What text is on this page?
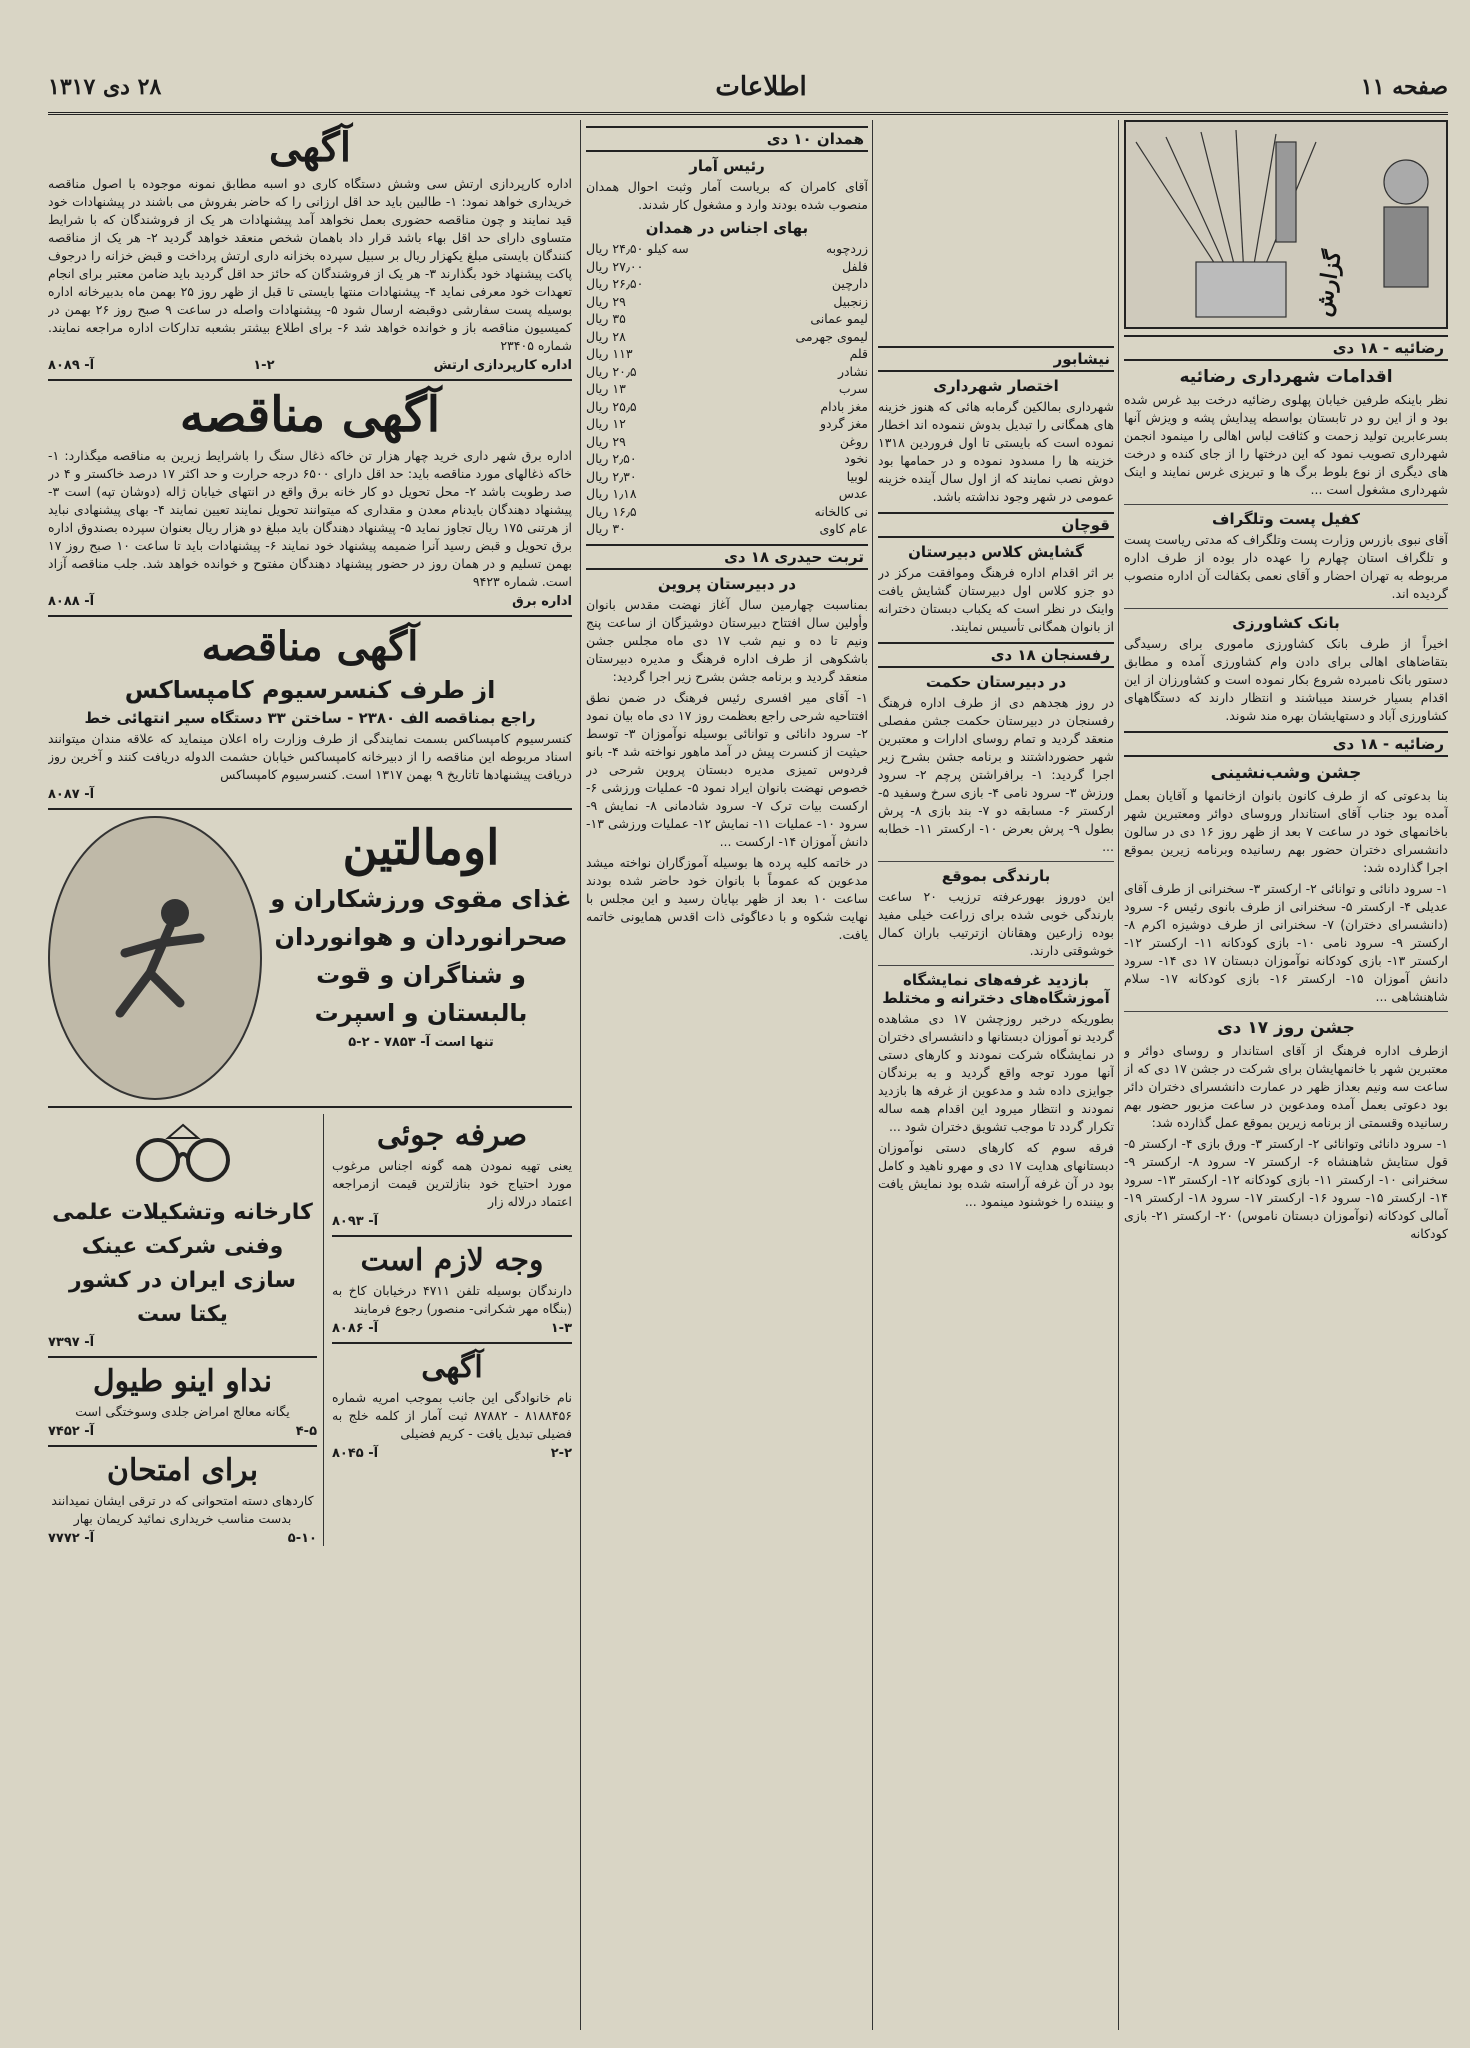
صفحه ۱۱
اطلاعات
۲۸ دی ۱۳۱۷
رضائیه - ۱۸ دی
اقدامات شهرداری رضائیه

نظر باینکه طرفین خیابان پهلوی رضائیه درخت بید غرس شده بود و از این رو در تابستان بواسطه پیدایش پشه و ویزش آنها بسرعابرین تولید زحمت و کثافت لباس اهالی را مینمود انجمن شهرداری تصویب نمود که این درختها را از جای کنده و درخت های دیگری از نوع بلوط برگ ها و تبریزی غرس نمایند و اینک شهرداری مشغول است ...

کفیل پست وتلگراف

آقای نبوی بازرس وزارت پست وتلگراف که مدتی ریاست پست و تلگراف استان چهارم را عهده دار بوده از طرف اداره مربوطه به تهران احضار و آقای نعمی بکفالت آن اداره منصوب گردیده اند.

بانک کشاورزی

اخیراً از طرف بانک کشاورزی ماموری برای رسیدگی بتقاضاهای اهالی برای دادن وام کشاورزی آمده و مطابق دستور بانک نامبرده شروع بکار نموده است و کشاورزان از این اقدام بسیار خرسند میباشند و انتظار دارند که دستگاههای کشاورزی آباد و دستهایشان بهره مند شوند.

رضائیه - ۱۸ دی
جشن وشب‌نشینی

بنا بدعوتی که از طرف کانون بانوان ازخانمها و آقایان بعمل آمده بود جناب آقای استاندار وروسای دوائر ومعتبرین شهر باخانمهای خود در ساعت ۷ بعد از ظهر روز ۱۶ دی در سالون دانشسرای دختران حضور بهم رسانیده وبرنامه زیرین بموقع اجرا گذارده شد:

۱- سرود دانائی و توانائی ۲- ارکستر ۳- سخنرانی از طرف آقای عدیلی ۴- ارکستر ۵- سخنرانی از طرف بانوی رئیس ۶- سرود (دانشسرای دختران) ۷- سخنرانی از طرف دوشیزه اکرم ۸- ارکستر ۹- سرود نامی ۱۰- بازی کودکانه ۱۱- ارکستر ۱۲- ارکستر ۱۳- بازی کودکانه نوآموزان دبستان ۱۷ دی ۱۴- سرود دانش آموزان ۱۵- ارکستر ۱۶- بازی کودکانه ۱۷- سلام شاهنشاهی ...

جشن روز ۱۷ دی

ازطرف اداره فرهنگ از آقای استاندار و روسای دوائر و معتبرین شهر با خانمهایشان برای شرکت در جشن ۱۷ دی که از ساعت سه ونیم بعداز ظهر در عمارت دانشسرای دختران دائر بود دعوتی بعمل آمده ومدعوین در ساعت مزبور حضور بهم رسانیده وقسمتی از برنامه زیرین بموقع عمل گذارده شد:

۱- سرود دانائی وتوانائی ۲- ارکستر ۳- ورق بازی ۴- ارکستر ۵- قول ستایش شاهنشاه ۶- ارکستر ۷- سرود ۸- ارکستر ۹- سخنرانی ۱۰- ارکستر ۱۱- بازی کودکانه ۱۲- ارکستر ۱۳- سرود ۱۴- ارکستر ۱۵- سرود ۱۶- ارکستر ۱۷- سرود ۱۸- ارکستر ۱۹- آمالی کودکانه (نوآموزان دبستان ناموس) ۲۰- ارکستر ۲۱- بازی کودکانه

نیشابور
اختصار شهرداری

شهرداری بمالکین گرمابه هائی که هنوز خزینه های همگانی را تبدیل بدوش ننموده اند اخطار نموده است که بایستی تا اول فروردین ۱۳۱۸ خزینه ها را مسدود نموده و در حمامها بود دوش نصب نمایند که از اول سال آینده خزینه عمومی در شهر وجود نداشته باشد.

قوچان
گشایش کلاس دبیرستان

بر اثر اقدام اداره فرهنگ وموافقت مرکز در دو جزو کلاس اول دبیرستان گشایش یافت واینک در نظر است که یکباب دبستان دخترانه از بانوان همگانی تأسیس نمایند.

رفسنجان ۱۸ دی
در دبیرستان حکمت

در روز هجدهم دی از طرف اداره فرهنگ رفسنجان در دبیرستان حکمت جشن مفصلی منعقد گردید و تمام روسای ادارات و معتبرین شهر حضورداشتند و برنامه جشن بشرح زیر اجرا گردید: ۱- برافراشتن پرچم ۲- سرود ورزش ۳- سرود نامی ۴- بازی سرخ وسفید ۵- ارکستر ۶- مسابقه دو ۷- بند بازی ۸- پرش بطول ۹- پرش بعرض ۱۰- ارکستر ۱۱- خطابه ...

بارندگی بموقع

این دوروز بهورعرفته ترزیب ۲۰ ساعت بارندگی خوبی شده برای زراعت خیلی مفید بوده زارعین وهقانان ازترتیب باران کمال خوشوقتی دارند.

بازدید غرفه‌های نمایشگاه آموزشگاه‌های دخترانه و مختلط

بطوریکه درخبر روزچشن ۱۷ دی مشاهده گردید نو آموزان دبستانها و دانشسرای دختران در نمایشگاه شرکت نمودند و کارهای دستی آنها مورد توجه واقع گردید و به برندگان جوایزی داده شد و مدعوین از غرفه ها بازدید نمودند و انتظار میرود این اقدام همه ساله تکرار گردد تا موجب تشویق دختران شود ...

فرقه سوم که کارهای دستی نوآموزان دبستانهای هدایت ۱۷ دی و مهرو ناهید و کامل بود در آن غرفه آراسته شده بود نمایش یافت و بیننده را خوشنود مینمود ...

همدان ۱۰ دی
رئیس آمار

آقای کامران که بریاست آمار وثبت احوال همدان منصوب شده بودند وارد و مشغول کار شدند.

بهای اجناس در همدان
زردچوبه
سه کیلو ۲۴٫۵۰ ریال
فلفل
۲۷٫۰۰ ریال
دارچین
۲۶٫۵۰ ریال
زنجبیل
۲۹ ریال
لیمو عمانی
۳۵ ریال
لیموی جهرمی
۲۸ ریال
قلم
۱۱۳ ریال
نشادر
۲۰٫۵ ریال
سرب
۱۳ ریال
مغز بادام
۲۵٫۵ ریال
مغز گردو
۱۲ ریال
روغن
۲۹ ریال
نخود
۲٫۵۰ ریال
لوبیا
۲٫۳۰ ریال
عدس
۱٫۱۸ ریال
نی کالخانه
۱۶٫۵ ریال
عام کاوی
۳۰ ریال
تربت حیدری ۱۸ دی
در دبیرستان پروین

بمناسبت چهارمین سال آغاز نهضت مقدس بانوان وأولین سال افتتاح دبیرستان دوشیزگان از ساعت پنج ونیم تا ده و نیم شب ۱۷ دی ماه مجلس جشن باشکوهی از طرف اداره فرهنگ و مدیره دبیرستان منعقد گردید و برنامه جشن بشرح زیر اجرا گردید:

۱- آقای میر افسری رئیس فرهنگ در ضمن نطق افتتاحیه شرحی راجع بعظمت روز ۱۷ دی ماه بیان نمود ۲- سرود دانائی و توانائی بوسیله نوآموزان ۳- توسط حیثیت از کنسرت پیش در آمد ماهور نواخته شد ۴- بانو فردوس تمیزی مدیره دبستان پروین شرحی در خصوص نهضت بانوان ایراد نمود ۵- عملیات ورزشی ۶- ارکست بیات ترک ۷- سرود شادمانی ۸- نمایش ۹- سرود ۱۰- عملیات ۱۱- نمایش ۱۲- عملیات ورزشی ۱۳- دانش آموزان ۱۴- ارکست ...

در خاتمه کلیه پرده ها بوسیله آموزگاران نواخته میشد مدعوین که عموماً با بانوان خود حاضر شده بودند ساعت ۱۰ بعد از ظهر بپایان رسید و این مجلس با نهایت شکوه و با دعاگوئی ذات اقدس همایونی خاتمه یافت.

آگهی

اداره کارپردازی ارتش سی وشش دستگاه کاری دو اسبه مطابق نمونه موجوده با اصول مناقصه خریداری خواهد نمود: ۱- طالبین باید حد اقل ارزانی را که حاضر بفروش می باشند در پیشنهادات خود قید نمایند و چون مناقصه حضوری بعمل نخواهد آمد پیشنهادات هر یک از فروشندگان که با شرایط متساوی دارای حد اقل بهاء باشد قرار داد باهمان شخص منعقد خواهد گردید ۲- هر یک از مناقصه کنندگان بایستی مبلغ یکهزار ریال بر سبیل سپرده بخزانه داری ارتش پرداخت و قبض خزانه را درجوف پاکت پیشنهاد خود بگذارند ۳- هر یک از فروشندگان که حائز حد اقل گردید باید ضامن معتبر برای انجام تعهدات خود معرفی نماید ۴- پیشنهادات منتها بایستی تا قبل از ظهر روز ۲۵ بهمن ماه بدبیرخانه اداره بوسیله پست سفارشی دوقبضه ارسال شود ۵- پیشنهادات واصله در ساعت ۹ صبح روز ۲۶ بهمن در کمیسیون مناقصه باز و خوانده خواهد شد ۶- برای اطلاع بیشتر بشعبه تدارکات اداره مراجعه نمایند. شماره ۲۳۴۰۵

اداره کارپردازی ارتش
۱-۲
آ- ۸۰۸۹
آگهی مناقصه

اداره برق شهر داری خرید چهار هزار تن خاکه ذغال سنگ را باشرایط زیرین به مناقصه میگذارد: ۱- خاکه ذغالهای مورد مناقصه باید: حد اقل دارای ۶۵۰۰ درجه حرارت و حد اکثر ۱۷ درصد خاکستر و ۴ در صد رطوبت باشد ۲- محل تحویل دو کار خانه برق واقع در انتهای خیابان ژاله (دوشان تپه) است ۳- پیشنهاد دهندگان بایدنام معدن و مقداری که میتوانند تحویل نمایند تعیین نمایند ۴- بهای پیشنهادی نباید از هرتنی ۱۷۵ ریال تجاوز نماید ۵- پیشنهاد دهندگان باید مبلغ دو هزار ریال بعنوان سپرده بصندوق اداره برق تحویل و قبض رسید آنرا ضمیمه پیشنهاد خود نمایند ۶- پیشنهادات باید تا ساعت ۱۰ صبح روز ۱۷ بهمن تسلیم و در همان روز در حضور پیشنهاد دهندگان مفتوح و خوانده خواهد شد. جلب مناقصه آزاد است. شماره ۹۴۲۳

اداره برق
آ- ۸۰۸۸
آگهی مناقصه
از طرف کنسرسیوم کامپساکس
راجع بمناقصه الف ۲۳۸۰ - ساختن ۳۳ دستگاه سیر انتهائی خط

کنسرسیوم کامپساکس بسمت نمایندگی از طرف وزارت راه اعلان مینماید که علاقه مندان میتوانند اسناد مربوطه این مناقصه را از دبیرخانه کامپساکس خیابان حشمت الدوله دریافت کنند و آخرین روز دریافت پیشنهادها تاتاریخ ۹ بهمن ۱۳۱۷ است. کنسرسیوم کامپساکس

آ- ۸۰۸۷
اومالتین

غذای مقوی ورزشکاران و صحرانوردان و هوانوردان و شناگران و قوت بالبستان و اسپرت

تنها است آ- ۷۸۵۳ - ۲-۵
صرفه جوئی

یعنی تهیه نمودن همه گونه اجناس مرغوب مورد احتیاج خود بنازلترین قیمت ازمراجعه اعتماد درلاله زار

آ- ۸۰۹۳
وجه لازم است

دارندگان بوسیله تلفن ۴۷۱۱ درخیابان کاخ به (بنگاه مهر شکرانی- منصور) رجوع فرمایند

۱-۳
آ- ۸۰۸۶
آگهی

نام خانوادگی این جانب بموجب امریه شماره ۸۱۸۸۴۵۶ - ۸۷۸۸۲ ثبت آمار از کلمه خلج به فضیلی تبدیل یافت - کریم فضیلی

۲-۲
آ- ۸۰۴۵

کارخانه وتشکیلات علمی وفنی شرکت عینک سازی ایران در کشور یکتا ست

آ- ۷۳۹۷
نداو اینو طیول

یگانه معالج امراض جلدی وسوختگی است

۴-۵
آ- ۷۴۵۲
برای امتحان

کاردهای دسته امتحوانی که در ترقی ایشان نمیدانند بدست مناسب خریداری نمائید کریمان بهار

۵-۱۰
آ- ۷۷۷۲
